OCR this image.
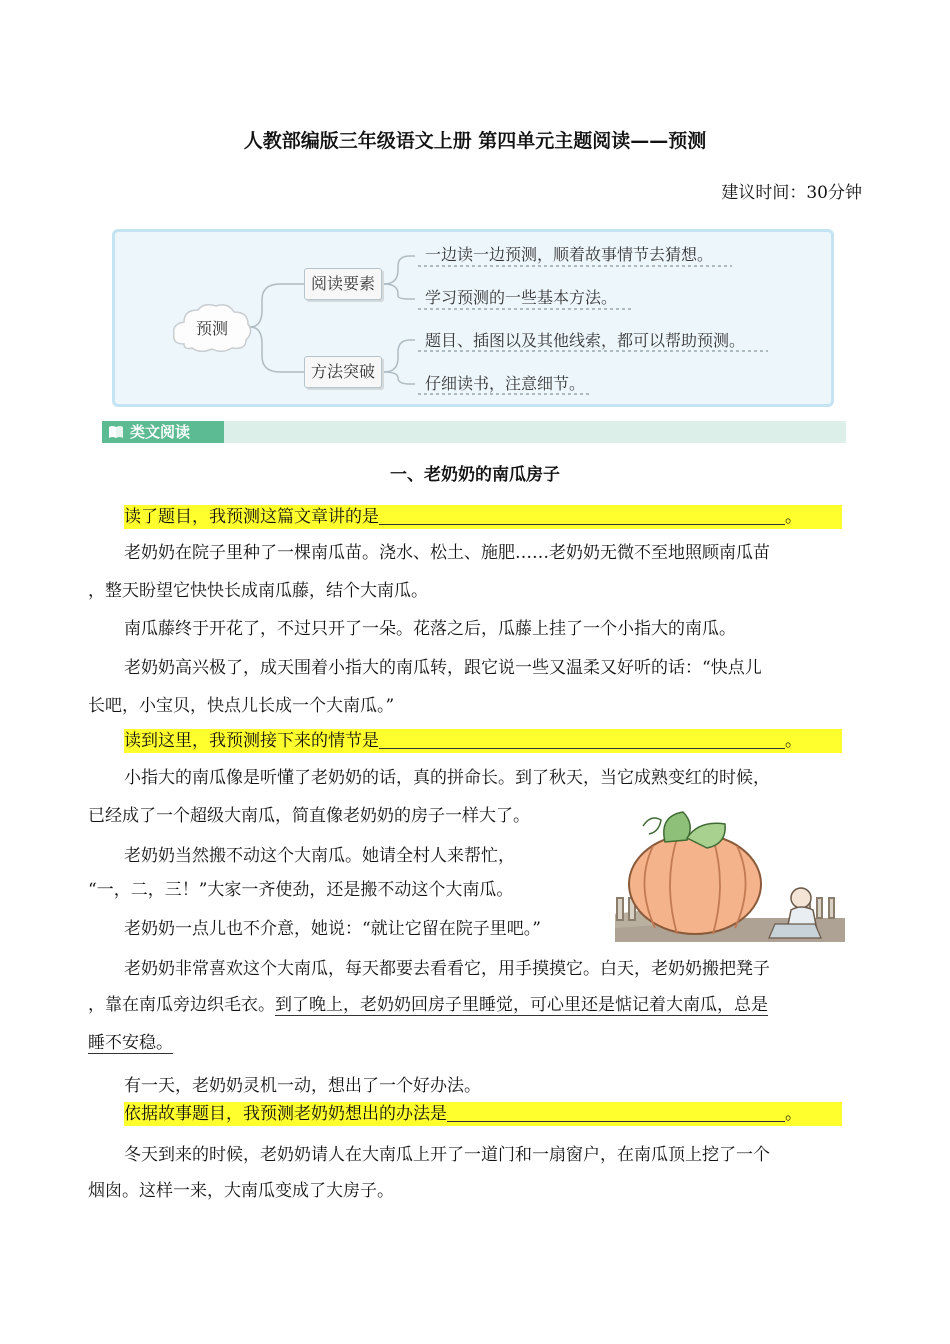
人教部编版三年级语文上册 第四单元主题阅读——预测
建议时间：30分钟
预测
阅读要素
方法突破
一边读一边预测，顺着故事情节去猜想。
学习预测的一些基本方法。
题目、插图以及其他线索，都可以帮助预测。
仔细读书，注意细节。
类文阅读
一、老奶奶的南瓜房子
读了题目，我预测这篇文章讲的是	。
老奶奶在院子里种了一棵南瓜苗。浇水、松土、施肥……老奶奶无微不至地照顾南瓜苗
，整天盼望它快快长成南瓜藤，结个大南瓜。
南瓜藤终于开花了，不过只开了一朵。花落之后，瓜藤上挂了一个小指大的南瓜。
老奶奶高兴极了，成天围着小指大的南瓜转，跟它说一些又温柔又好听的话：“快点儿
长吧，小宝贝，快点儿长成一个大南瓜。”
读到这里，我预测接下来的情节是	。
小指大的南瓜像是听懂了老奶奶的话，真的拼命长。到了秋天，当它成熟变红的时候，
已经成了一个超级大南瓜，简直像老奶奶的房子一样大了。
老奶奶当然搬不动这个大南瓜。她请全村人来帮忙，
“一，二，三！”大家一齐使劲，还是搬不动这个大南瓜。
老奶奶一点儿也不介意，她说：“就让它留在院子里吧。”
老奶奶非常喜欢这个大南瓜，每天都要去看看它，用手摸摸它。白天，老奶奶搬把凳子
，靠在南瓜旁边织毛衣。到了晚上，老奶奶回房子里睡觉，可心里还是惦记着大南瓜，总是
睡不安稳。
有一天，老奶奶灵机一动，想出了一个好办法。
依据故事题目，我预测老奶奶想出的办法是	。
冬天到来的时候，老奶奶请人在大南瓜上开了一道门和一扇窗户，在南瓜顶上挖了一个
烟囱。这样一来，大南瓜变成了大房子。
